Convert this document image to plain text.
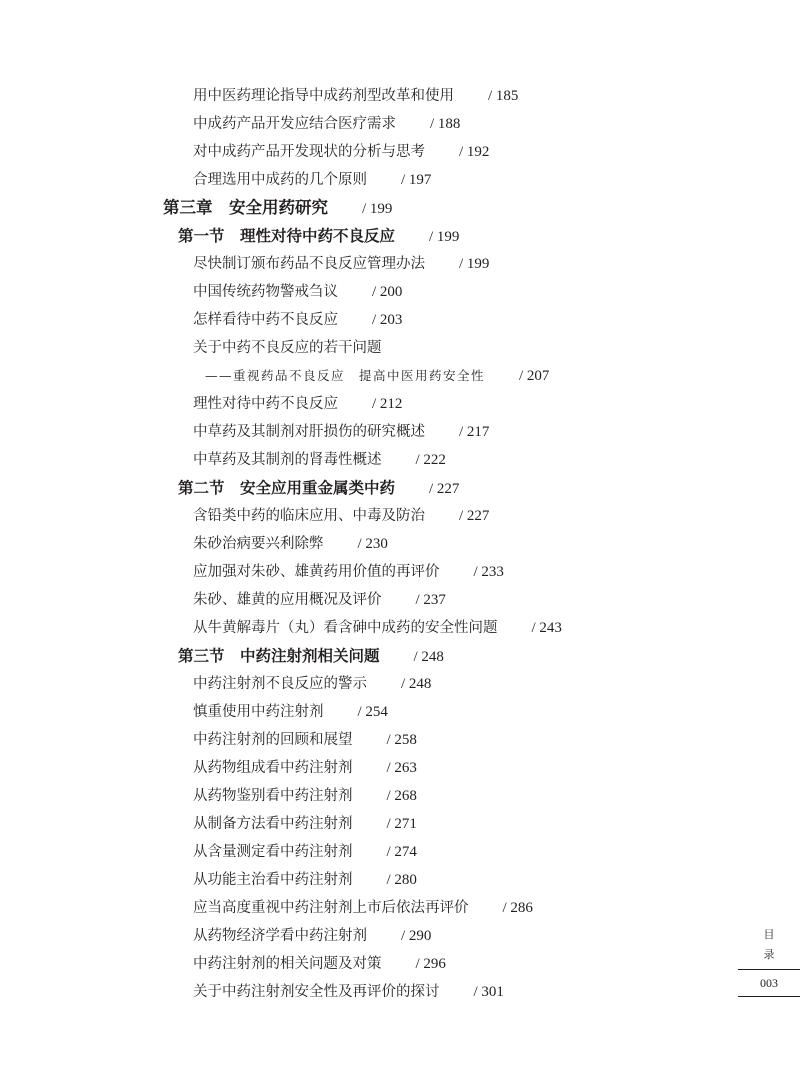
用中医药理论指导中成药剂型改革和使用 / 185
中成药产品开发应结合医疗需求 / 188
对中成药产品开发现状的分析与思考 / 192
合理选用中成药的几个原则 / 197
第三章　安全用药研究 / 199
第一节　理性对待中药不良反应 / 199
尽快制订颁布药品不良反应管理办法 / 199
中国传统药物警戒刍议 / 200
怎样看待中药不良反应 / 203
关于中药不良反应的若干问题
——重视药品不良反应　提高中医用药安全性 / 207
理性对待中药不良反应 / 212
中草药及其制剂对肝损伤的研究概述 / 217
中草药及其制剂的肾毒性概述 / 222
第二节　安全应用重金属类中药 / 227
含铅类中药的临床应用、中毒及防治 / 227
朱砂治病要兴利除弊 / 230
应加强对朱砂、雄黄药用价值的再评价 / 233
朱砂、雄黄的应用概况及评价 / 237
从牛黄解毒片（丸）看含砷中成药的安全性问题 / 243
第三节　中药注射剂相关问题 / 248
中药注射剂不良反应的警示 / 248
慎重使用中药注射剂 / 254
中药注射剂的回顾和展望 / 258
从药物组成看中药注射剂 / 263
从药物鉴别看中药注射剂 / 268
从制备方法看中药注射剂 / 271
从含量测定看中药注射剂 / 274
从功能主治看中药注射剂 / 280
应当高度重视中药注射剂上市后依法再评价 / 286
从药物经济学看中药注射剂 / 290
中药注射剂的相关问题及对策 / 296
关于中药注射剂安全性及再评价的探讨 / 301
目
录
003
